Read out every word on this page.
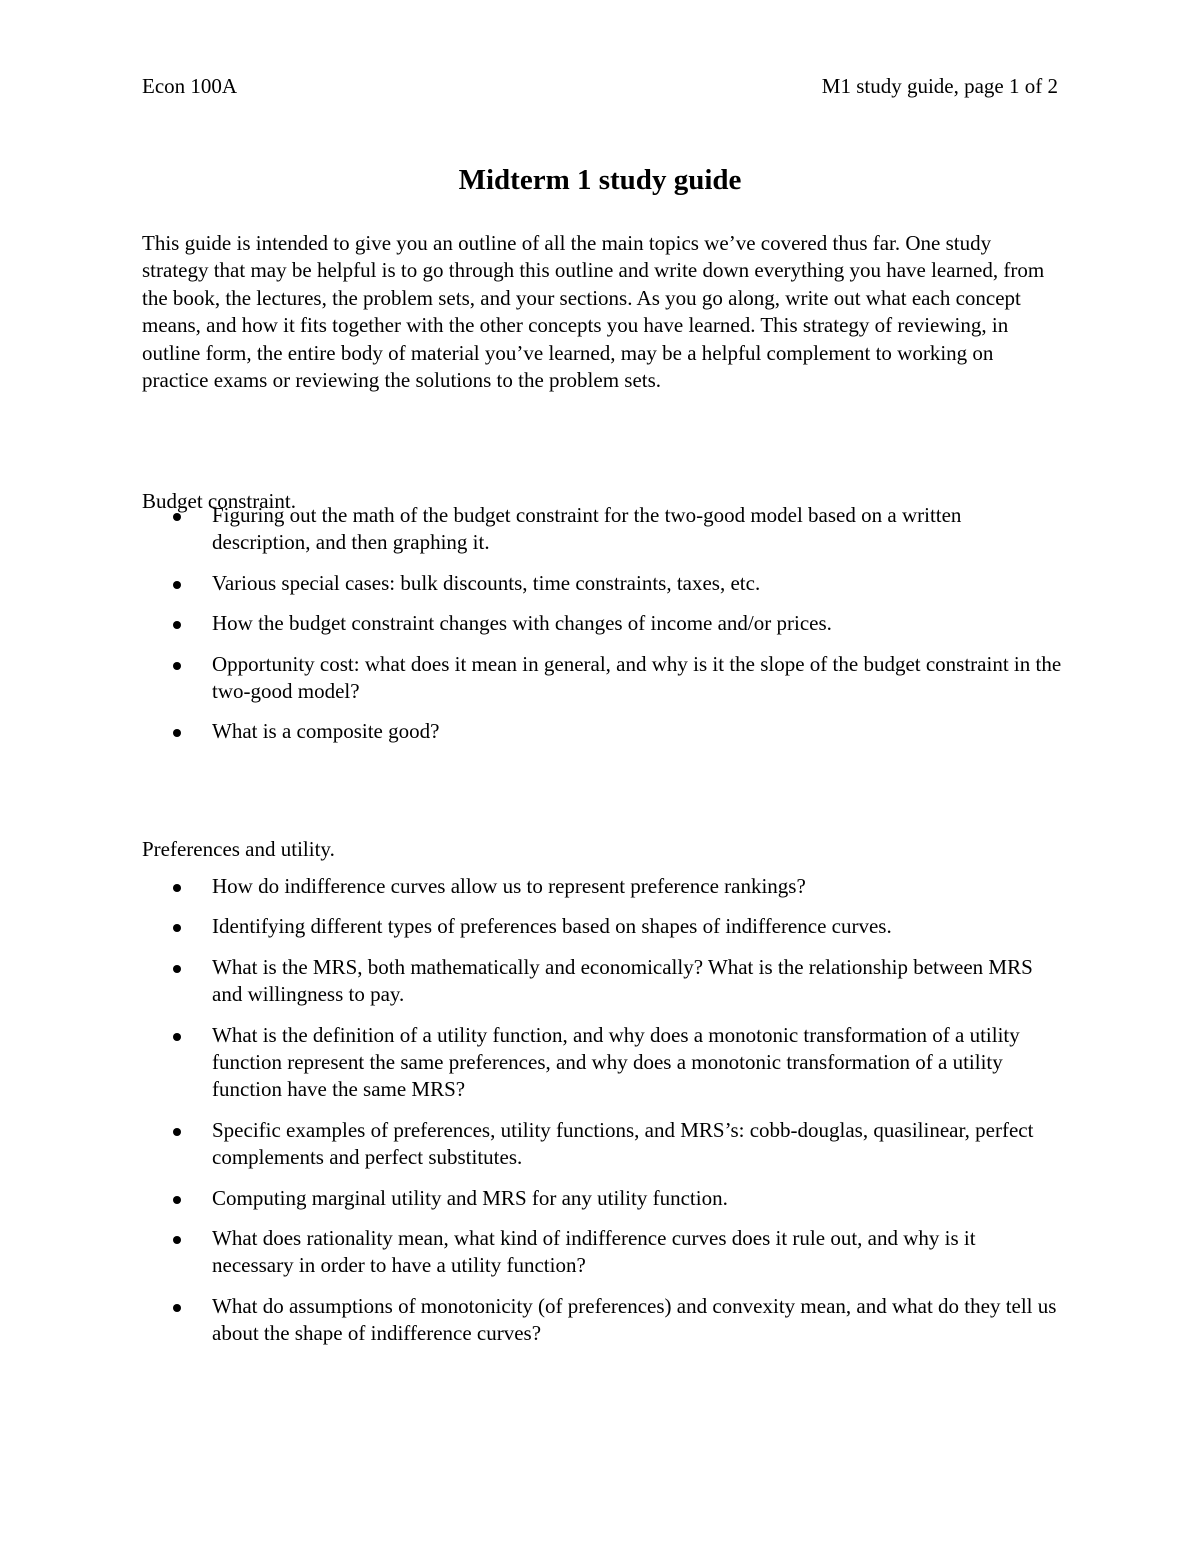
Econ 100A	M1 study guide, page 1 of 2
Midterm 1 study guide

This guide is intended to give you an outline of all the main topics we’ve covered thus far. One study strategy that may be helpful is to go through this outline and write down everything you have learned, from the book, the lectures, the problem sets, and your sections. As you go along, write out what each concept means, and how it fits together with the other concepts you have learned. This strategy of reviewing, in outline form, the entire body of material you’ve learned, may be a helpful complement to working on practice exams or reviewing the solutions to the problem sets.

Budget constraint.

Figuring out the math of the budget constraint for the two-good model based on a written description, and then graphing it.
Various special cases: bulk discounts, time constraints, taxes, etc.
How the budget constraint changes with changes of income and/or prices.
Opportunity cost: what does it mean in general, and why is it the slope of the budget constraint in the two-good model?
What is a composite good?

Preferences and utility.

How do indifference curves allow us to represent preference rankings?
Identifying different types of preferences based on shapes of indifference curves.
What is the MRS, both mathematically and economically? What is the relationship between MRS and willingness to pay.
What is the definition of a utility function, and why does a monotonic transformation of a utility function represent the same preferences, and why does a monotonic transformation of a utility function have the same MRS?
Specific examples of preferences, utility functions, and MRS’s: cobb-douglas, quasilinear, perfect complements and perfect substitutes.
Computing marginal utility and MRS for any utility function.
What does rationality mean, what kind of indifference curves does it rule out, and why is it necessary in order to have a utility function?
What do assumptions of monotonicity (of preferences) and convexity mean, and what do they tell us about the shape of indifference curves?
